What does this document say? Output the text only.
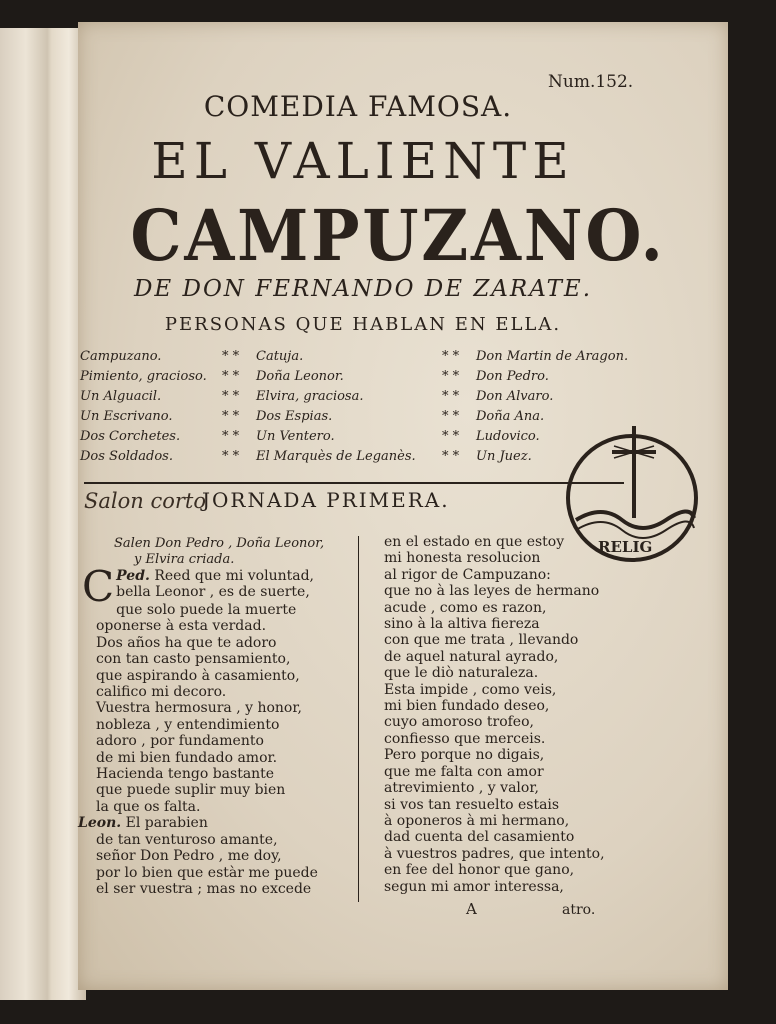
Num.152.
COMEDIA FAMOSA.
EL VALIENTE
CAMPUZANO.
DE DON FERNANDO DE ZARATE.
PERSONAS QUE HABLAN EN ELLA.
Campuzano.
Pimiento, gracioso.
Un Alguacil.
Un Escrivano.
Dos Corchetes.
Dos Soldados.
* *
* *
* *
* *
* *
* *
Catuja.
Doña Leonor.
Elvira, graciosa.
Dos Espias.
Un Ventero.
El Marquès de Leganès.
* *
* *
* *
* *
* *
* *
Don Martin de Aragon.
Don Pedro.
Don Alvaro.
Doña Ana.
Ludovico.
Un Juez.
Salon corto
JORNADA PRIMERA.
Salen Don Pedro , Doña Leonor,
y Elvira criada.
Ped.
C	Reed que mi voluntad,
bella Leonor , es de suerte,
que solo puede la muerte
oponerse à esta verdad.
Dos años ha que te adoro
con tan casto pensamiento,
que aspirando à casamiento,
califico mi decoro.
Vuestra hermosura , y honor,
nobleza , y entendimiento
adoro , por fundamento
de mi bien fundado amor.
Hacienda tengo bastante
que puede suplir muy bien
la que os falta.
Leon. El parabien
de tan venturoso amante,
señor Don Pedro , me doy,
por lo bien que estàr me puede
el ser vuestra ; mas no excede
en el estado en que estoy
mi honesta resolucion
al rigor de Campuzano:
que no à las leyes de hermano
acude , como es razon,
sino à la altiva fiereza
con que me trata , llevando
de aquel natural ayrado,
que le diò naturaleza.
Esta impide , como veis,
mi bien fundado deseo,
cuyo amoroso trofeo,
confiesso que merceis.
Pero porque no digais,
que me falta con amor
atrevimiento , y valor,
si vos tan resuelto estais
à oponeros à mi hermano,
dad cuenta del casamiento
à vuestros padres, que intento,
en fee del honor que gano,
segun mi amor interessa,
A	atro.
RELIG
